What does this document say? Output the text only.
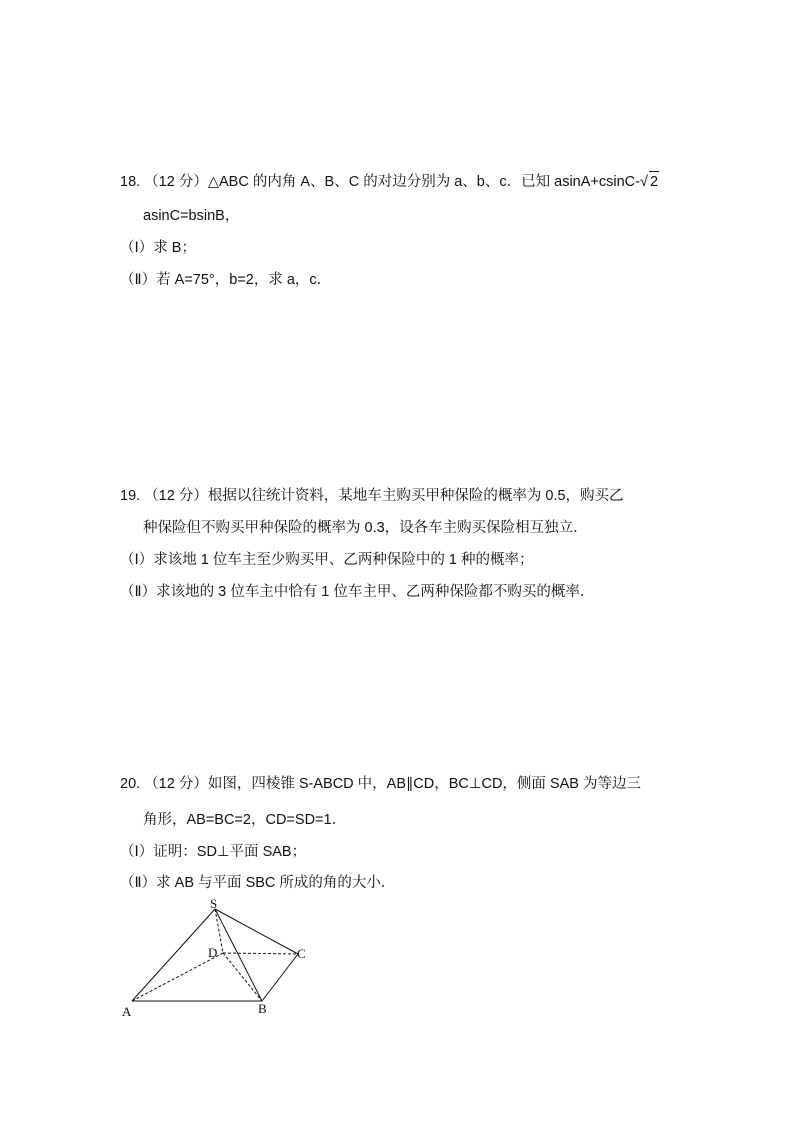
18. （12 分）△ABC 的内角 A、B、C 的对边分别为 a、b、c．已知 asinA+csinC-√ 2
asinC=bsinB，
（Ⅰ）求 B；
（Ⅱ）若 A=75°，b=2，求 a，c．
19. （12 分）根据以往统计资料，某地车主购买甲种保险的概率为 0.5，购买乙
种保险但不购买甲种保险的概率为 0.3，设各车主购买保险相互独立．
（Ⅰ）求该地 1 位车主至少购买甲、乙两种保险中的 1 种的概率；
（Ⅱ）求该地的 3 位车主中恰有 1 位车主甲、乙两种保险都不购买的概率．
20. （12 分）如图，四棱锥 S-ABCD 中，AB∥CD，BC⊥CD，侧面 SAB 为等边三
角形，AB=BC=2，CD=SD=1．
（Ⅰ）证明：SD⊥平面 SAB；
（Ⅱ）求 AB 与平面 SBC 所成的角的大小．
S
D	C
A	B
